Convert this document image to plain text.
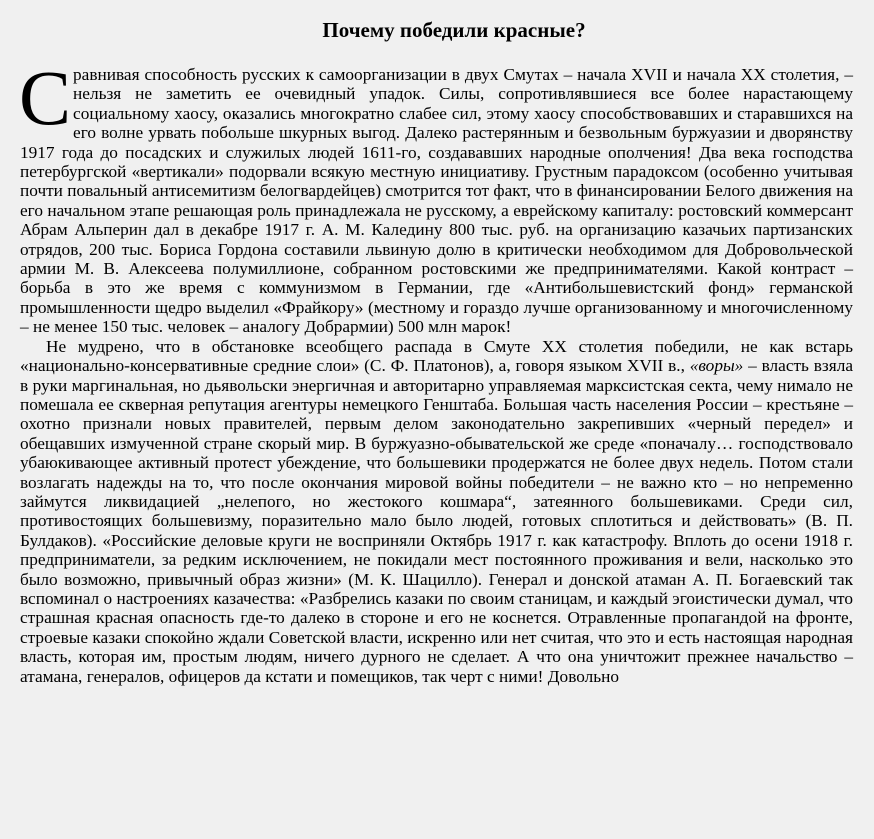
Почему победили красные?

Сравнивая способность русских к самоорганизации в двух Смутах – начала XVII и начала XX столетия, – нельзя не заметить ее очевидный упадок. Силы, сопротивлявшиеся все более нарастающему социальному хаосу, оказались многократно слабее сил, этому хаосу способствовавших и старавшихся на его волне урвать побольше шкурных выгод. Далеко растерянным и безвольным буржуазии и дворянству 1917 года до посадских и служилых людей 1611-го, создававших народные ополчения! Два века господства петербургской «вертикали» подорвали всякую местную инициативу. Грустным парадоксом (особенно учитывая почти повальный антисемитизм белогвардейцев) смотрится тот факт, что в финансировании Белого движения на его начальном этапе решающая роль принадлежала не русскому, а еврейскому капиталу: ростовский коммерсант Абрам Альперин дал в декабре 1917 г. А. М. Каледину 800 тыс. руб. на организацию казачьих партизанских отрядов, 200 тыс. Бориса Гордона составили львиную долю в критически необходимом для Добровольческой армии М. В. Алексеева полумиллионе, собранном ростовскими же предпринимателями. Какой контраст – борьба в это же время с коммунизмом в Германии, где «Антибольшевистский фонд» германской промышленности щедро выделил «Фрайкору» (местному и гораздо лучше организованному и многочисленному – не менее 150 тыс. человек – аналогу Добрармии) 500 млн марок!

Не мудрено, что в обстановке всеобщего распада в Смуте XX столетия победили, не как встарь «национально-консервативные средние слои» (С. Ф. Платонов), а, говоря языком XVII в., «воры» – власть взяла в руки маргинальная, но дьявольски энергичная и авторитарно управляемая марксистская секта, чему нимало не помешала ее скверная репутация агентуры немецкого Генштаба. Большая часть населения России – крестьяне – охотно признали новых правителей, первым делом законодательно закрепивших «черный передел» и обещавших измученной стране скорый мир. В буржуазно-обывательской же среде «поначалу… господствовало убаюкивающее активный протест убеждение, что большевики продержатся не более двух недель. Потом стали возлагать надежды на то, что после окончания мировой войны победители – не важно кто – но непременно займутся ликвидацией „нелепого, но жестокого кошмара“, затеянного большевиками. Среди сил, противостоящих большевизму, поразительно мало было людей, готовых сплотиться и действовать» (В. П. Булдаков). «Российские деловые круги не восприняли Октябрь 1917 г. как катастрофу. Вплоть до осени 1918 г. предприниматели, за редким исключением, не покидали мест постоянного проживания и вели, насколько это было возможно, привычный образ жизни» (М. К. Шацилло). Генерал и донской атаман А. П. Богаевский так вспоминал о настроениях казачества: «Разбрелись казаки по своим станицам, и каждый эгоистически думал, что страшная красная опасность где-то далеко в стороне и его не коснется. Отравленные пропагандой на фронте, строевые казаки спокойно ждали Советской власти, искренно или нет считая, что это и есть настоящая народная власть, которая им, простым людям, ничего дурного не сделает. А что она уничтожит прежнее начальство – атамана, генералов, офицеров да кстати и помещиков, так черт с ними! Довольно
